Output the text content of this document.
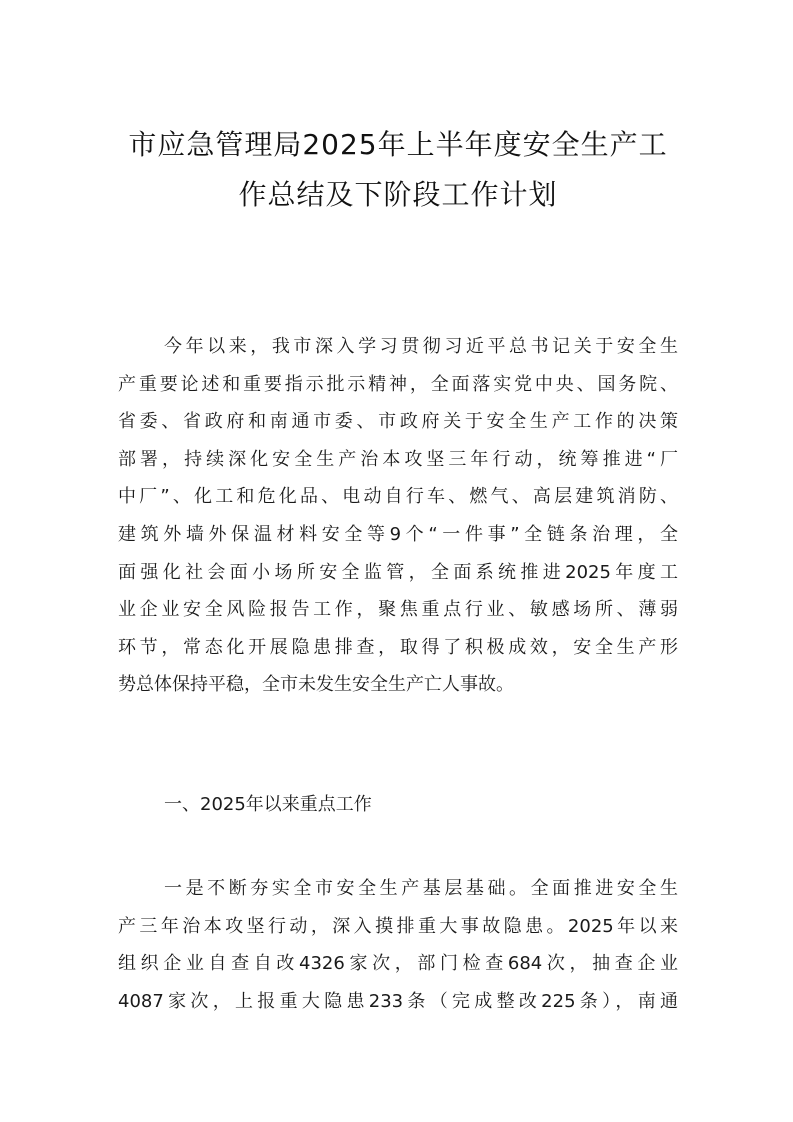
市应急管理局2025年上半年度安全生产工
作总结及下阶段工作计划
今年以来，我市深入学习贯彻习近平总书记关于安全生
产重要论述和重要指示批示精神，全面落实党中央、国务院、
省委、省政府和南通市委、市政府关于安全生产工作的决策
部署，持续深化安全生产治本攻坚三年行动，统筹推进“厂
中厂”、化工和危化品、电动自行车、燃气、高层建筑消防、
建筑外墙外保温材料安全等9个“一件事”全链条治理，全
面强化社会面小场所安全监管，全面系统推进2025年度工
业企业安全风险报告工作，聚焦重点行业、敏感场所、薄弱
环节，常态化开展隐患排查，取得了积极成效，安全生产形
势总体保持平稳，全市未发生安全生产亡人事故。
一、2025年以来重点工作
一是不断夯实全市安全生产基层基础。全面推进安全生
产三年治本攻坚行动，深入摸排重大事故隐患。2025年以来
组织企业自查自改4326家次，部门检查684次，抽查企业
4087家次，上报重大隐患233条（完成整改225条），南通
